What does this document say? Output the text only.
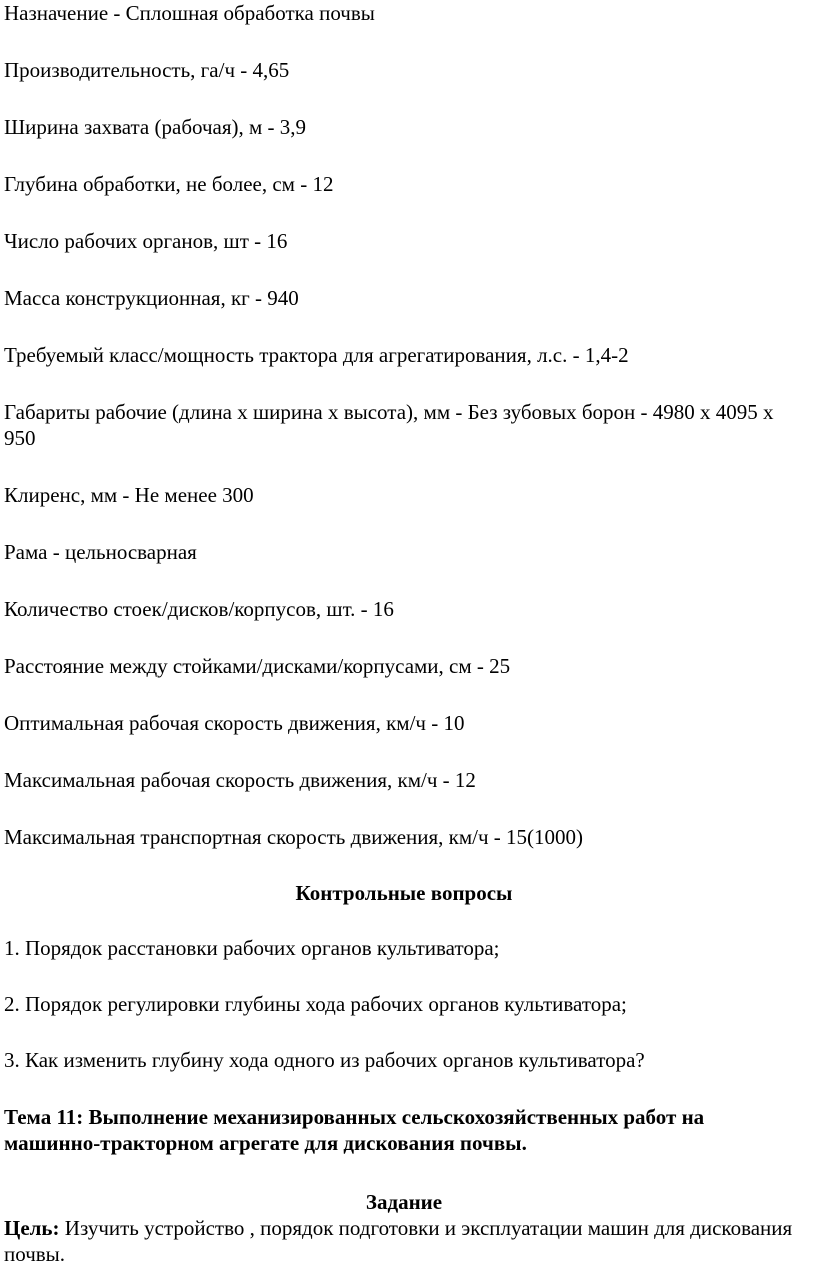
Назначение - Сплошная обработка почвы
Производительность, га/ч - 4,65
Ширина захвата (рабочая), м - 3,9
Глубина обработки, не более, см - 12
Число рабочих органов, шт - 16
Масса конструкционная, кг - 940
Требуемый класс/мощность трактора для агрегатирования, л.с. - 1,4-2
Габариты рабочие (длина х ширина х высота), мм - Без зубовых борон - 4980 х 4095 х 950
Клиренс, мм - Не менее 300
Рама - цельносварная
Количество стоек/дисков/корпусов, шт. - 16
Расстояние между стойками/дисками/корпусами, см - 25
Оптимальная рабочая скорость движения, км/ч - 10
Максимальная рабочая скорость движения, км/ч - 12
Максимальная транспортная скорость движения, км/ч - 15(1000)
Контрольные вопросы
1. Порядок расстановки рабочих органов культиватора;
2. Порядок регулировки глубины хода рабочих органов культиватора;
3. Как изменить глубину хода одного из рабочих органов культиватора?
Тема 11: Выполнение механизированных сельскохозяйственных работ на машинно-тракторном агрегате для дискования почвы.
Задание

Цель: Изучить устройство , порядок подготовки и эксплуатации машин для дискования почвы.
